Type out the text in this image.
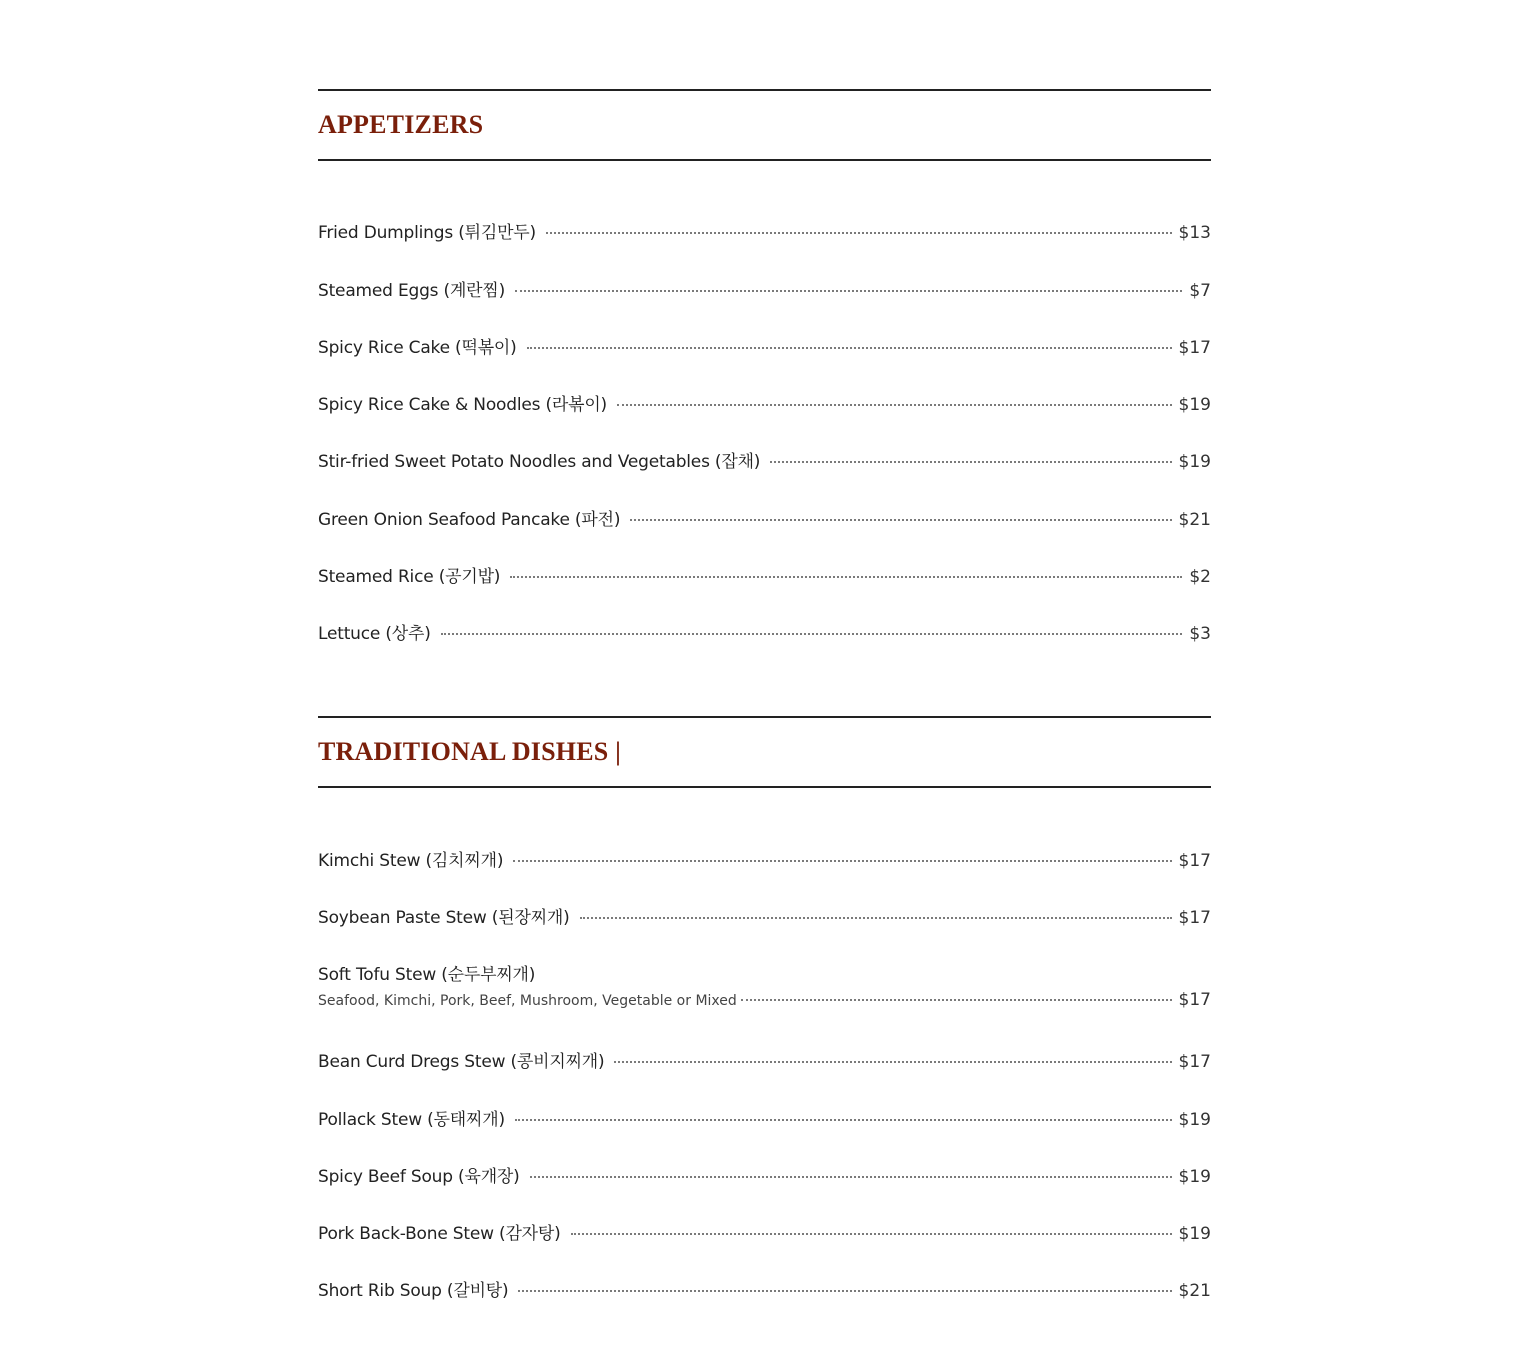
APPETIZERS
Fried Dumplings (튀김만두)	$13
Steamed Eggs (계란찜)	$7
Spicy Rice Cake (떡볶이)	$17
Spicy Rice Cake & Noodles (라볶이)	$19
Stir-fried Sweet Potato Noodles and Vegetables (잡채)	$19
Green Onion Seafood Pancake (파전)	$21
Steamed Rice (공기밥)	$2
Lettuce (상추)	$3
TRADITIONAL DISHES |
Kimchi Stew (김치찌개)	$17
Soybean Paste Stew (된장찌개)	$17
Soft Tofu Stew (순두부찌개)
Seafood, Kimchi, Pork, Beef, Mushroom, Vegetable or Mixed	$17
Bean Curd Dregs Stew (콩비지찌개)	$17
Pollack Stew (동태찌개)	$19
Spicy Beef Soup (육개장)	$19
Pork Back-Bone Stew (감자탕)	$19
Short Rib Soup (갈비탕)	$21
